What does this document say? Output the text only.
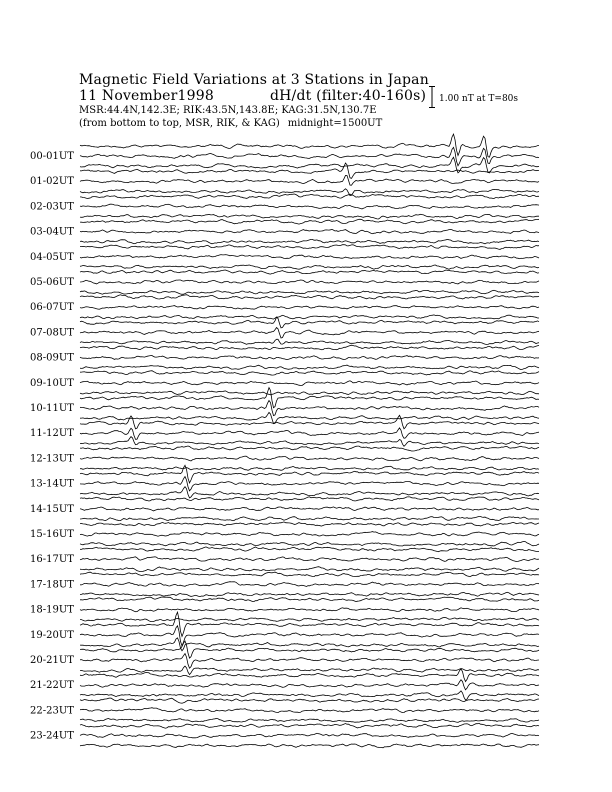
Magnetic Field Variations at 3 Stations in Japan
11 November1998	dH/dt (filter:40-160s)
MSR:44.4N,142.3E; RIK:43.5N,143.8E; KAG:31.5N,130.7E
(from bottom to top, MSR, RIK, & KAG) midnight=1500UT
1.00 nT at T=80s
00-01UT
01-02UT
02-03UT
03-04UT
04-05UT
05-06UT
06-07UT
07-08UT
08-09UT
09-10UT
10-11UT
11-12UT
12-13UT
13-14UT
14-15UT
15-16UT
16-17UT
17-18UT
18-19UT
19-20UT
20-21UT
21-22UT
22-23UT
23-24UT
